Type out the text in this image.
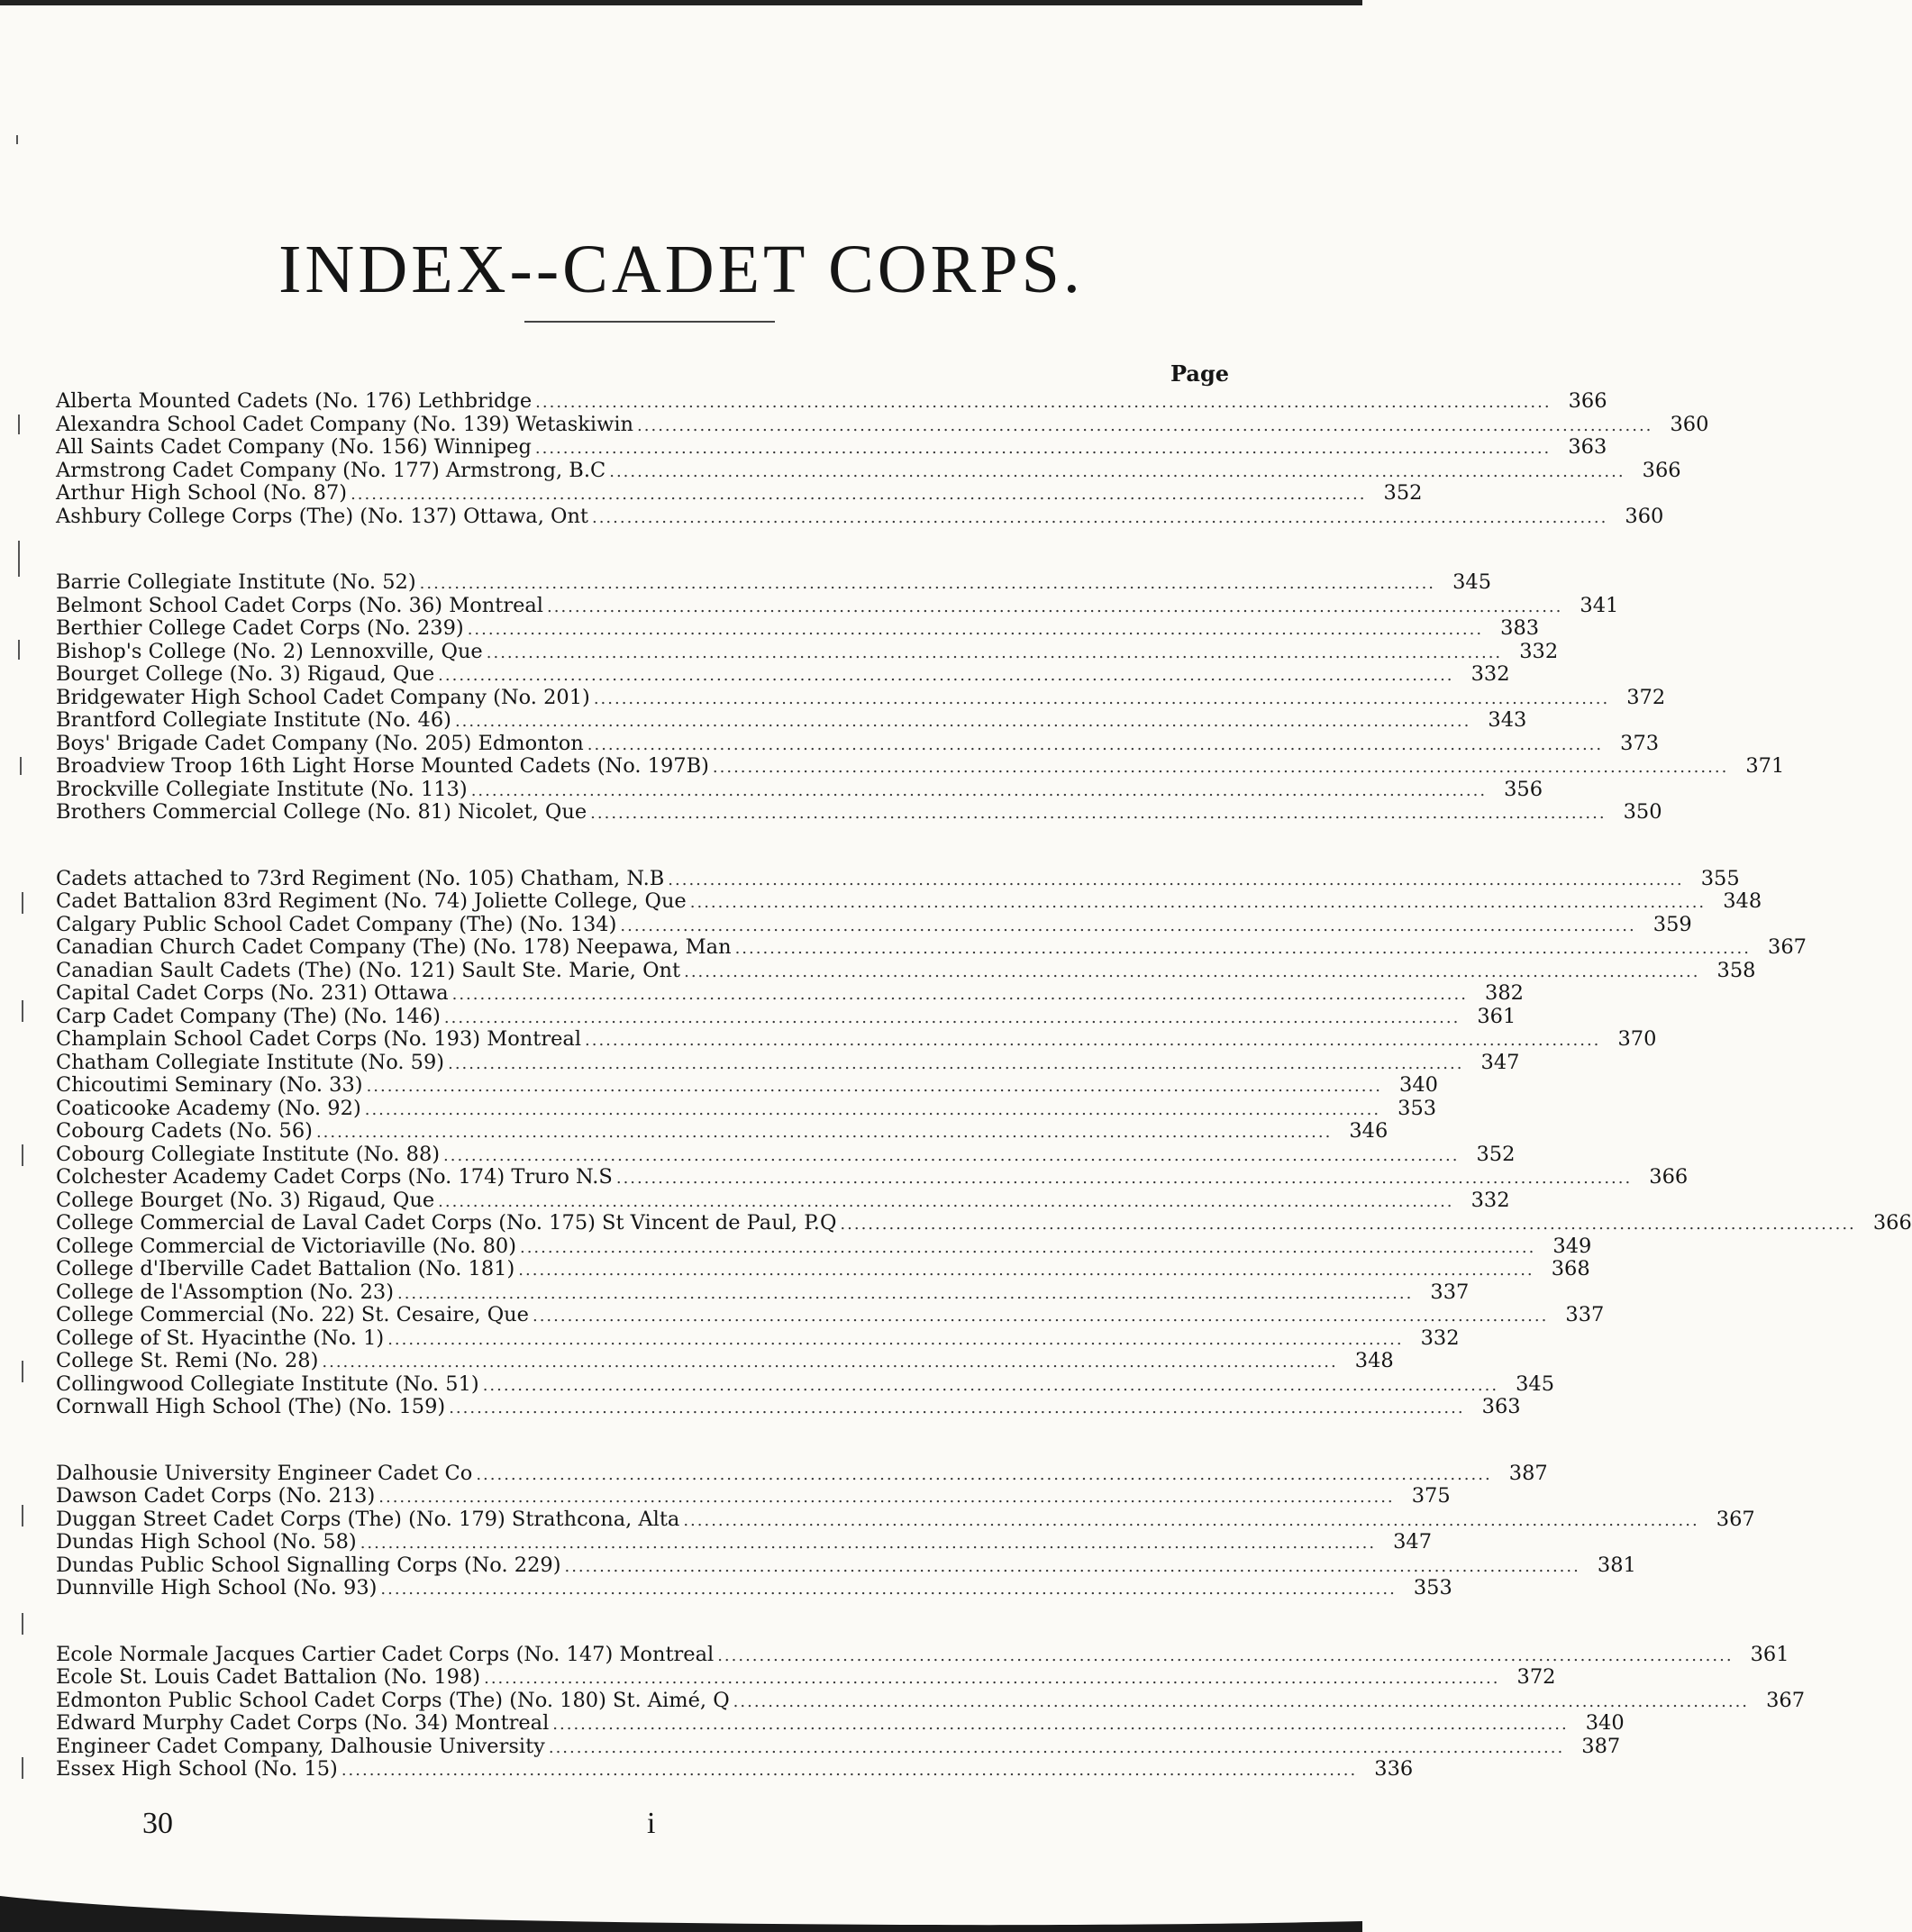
INDEX--CADET CORPS.
Page
Alberta Mounted Cadets (No. 176) Lethbridge .................................................................................................................................................. 366
Alexandra School Cadet Company (No. 139) Wetaskiwin .................................................................................................................................................. 360
All Saints Cadet Company (No. 156) Winnipeg .................................................................................................................................................. 363
Armstrong Cadet Company (No. 177) Armstrong, B.C .................................................................................................................................................. 366
Arthur High School (No. 87) .................................................................................................................................................. 352
Ashbury College Corps (The) (No. 137) Ottawa, Ont .................................................................................................................................................. 360
Barrie Collegiate Institute (No. 52) .................................................................................................................................................. 345
Belmont School Cadet Corps (No. 36) Montreal .................................................................................................................................................. 341
Berthier College Cadet Corps (No. 239) .................................................................................................................................................. 383
Bishop's College (No. 2) Lennoxville, Que .................................................................................................................................................. 332
Bourget College (No. 3) Rigaud, Que .................................................................................................................................................. 332
Bridgewater High School Cadet Company (No. 201) .................................................................................................................................................. 372
Brantford Collegiate Institute (No. 46) .................................................................................................................................................. 343
Boys' Brigade Cadet Company (No. 205) Edmonton .................................................................................................................................................. 373
Broadview Troop 16th Light Horse Mounted Cadets (No. 197B) .................................................................................................................................................. 371
Brockville Collegiate Institute (No. 113) .................................................................................................................................................. 356
Brothers Commercial College (No. 81) Nicolet, Que .................................................................................................................................................. 350
Cadets attached to 73rd Regiment (No. 105) Chatham, N.B .................................................................................................................................................. 355
Cadet Battalion 83rd Regiment (No. 74) Joliette College, Que .................................................................................................................................................. 348
Calgary Public School Cadet Company (The) (No. 134) .................................................................................................................................................. 359
Canadian Church Cadet Company (The) (No. 178) Neepawa, Man .................................................................................................................................................. 367
Canadian Sault Cadets (The) (No. 121) Sault Ste. Marie, Ont .................................................................................................................................................. 358
Capital Cadet Corps (No. 231) Ottawa .................................................................................................................................................. 382
Carp Cadet Company (The) (No. 146) .................................................................................................................................................. 361
Champlain School Cadet Corps (No. 193) Montreal .................................................................................................................................................. 370
Chatham Collegiate Institute (No. 59) .................................................................................................................................................. 347
Chicoutimi Seminary (No. 33) .................................................................................................................................................. 340
Coaticooke Academy (No. 92) .................................................................................................................................................. 353
Cobourg Cadets (No. 56) .................................................................................................................................................. 346
Cobourg Collegiate Institute (No. 88) .................................................................................................................................................. 352
Colchester Academy Cadet Corps (No. 174) Truro N.S .................................................................................................................................................. 366
College Bourget (No. 3) Rigaud, Que .................................................................................................................................................. 332
College Commercial de Laval Cadet Corps (No. 175) St Vincent de Paul, P.Q .................................................................................................................................................. 366
College Commercial de Victoriaville (No. 80) .................................................................................................................................................. 349
College d'Iberville Cadet Battalion (No. 181) .................................................................................................................................................. 368
College de l'Assomption (No. 23) .................................................................................................................................................. 337
College Commercial (No. 22) St. Cesaire, Que .................................................................................................................................................. 337
College of St. Hyacinthe (No. 1) .................................................................................................................................................. 332
College St. Remi (No. 28) .................................................................................................................................................. 348
Collingwood Collegiate Institute (No. 51) .................................................................................................................................................. 345
Cornwall High School (The) (No. 159) .................................................................................................................................................. 363
Dalhousie University Engineer Cadet Co .................................................................................................................................................. 387
Dawson Cadet Corps (No. 213) .................................................................................................................................................. 375
Duggan Street Cadet Corps (The) (No. 179) Strathcona, Alta .................................................................................................................................................. 367
Dundas High School (No. 58) .................................................................................................................................................. 347
Dundas Public School Signalling Corps (No. 229) .................................................................................................................................................. 381
Dunnville High School (No. 93) .................................................................................................................................................. 353
Ecole Normale Jacques Cartier Cadet Corps (No. 147) Montreal .................................................................................................................................................. 361
Ecole St. Louis Cadet Battalion (No. 198) .................................................................................................................................................. 372
Edmonton Public School Cadet Corps (The) (No. 180) St. Aimé, Q .................................................................................................................................................. 367
Edward Murphy Cadet Corps (No. 34) Montreal .................................................................................................................................................. 340
Engineer Cadet Company, Dalhousie University .................................................................................................................................................. 387
Essex High School (No. 15) .................................................................................................................................................. 336
30	i
